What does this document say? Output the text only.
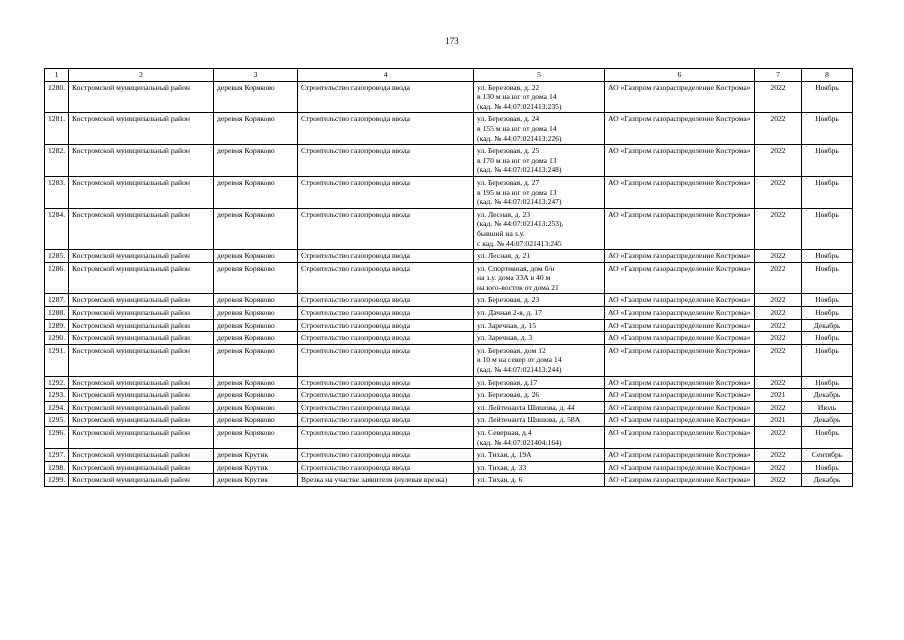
173
1	2	3	4	5	6	7	8
1280.	Костромской муниципальный район	деревня Коряково	Строительство газопровода ввода	ул. Березовая, д. 22
в 130 м на юг от дома 14
(кад. № 44:07:021413:235)	АО «Газпром газораспределение Кострома»	2022	Ноябрь
1281.	Костромской муниципальный район	деревня Коряково	Строительство газопровода ввода	ул. Березовая, д. 24
в 155 м на юг от дома 14
(кад. № 44:07:021413:226)	АО «Газпром газораспределение Кострома»	2022	Ноябрь
1282.	Костромской муниципальный район	деревня Коряково	Строительство газопровода ввода	ул. Березовая, д. 25
в 170 м на юг от дома 13
(кад. № 44:07:021413:248)	АО «Газпром газораспределение Кострома»	2022	Ноябрь
1283.	Костромской муниципальный район	деревня Коряково	Строительство газопровода ввода	ул. Березовая, д. 27
в 195 м на юг от дома 13
(кад. № 44:07:021413:247)	АО «Газпром газораспределение Кострома»	2022	Ноябрь
1284.	Костромской муниципальный район	деревня Коряково	Строительство газопровода ввода	ул. Лесная, д. 23
(кад. № 44:07:021413:253),
бывший на з.у.
с кад. № 44:07:021413:245	АО «Газпром газораспределение Кострома»	2022	Ноябрь
1285.	Костромской муниципальный район	деревня Коряково	Строительство газопровода ввода	ул. Лесная, д. 21	АО «Газпром газораспределение Кострома»	2022	Ноябрь
1286.	Костромской муниципальный район	деревня Коряково	Строительство газопровода ввода	ул. Спортивная, дом б/н
на з.у. дома 33А в 40 м
на юго-восток от дома 21	АО «Газпром газораспределение Кострома»	2022	Ноябрь
1287.	Костромской муниципальный район	деревня Коряково	Строительство газопровода ввода	ул. Березовая, д. 23	АО «Газпром газораспределение Кострома»	2022	Ноябрь
1288.	Костромской муниципальный район	деревня Коряково	Строительство газопровода ввода	ул. Дачная 2-я, д. 17	АО «Газпром газораспределение Кострома»	2022	Ноябрь
1289.	Костромской муниципальный район	деревня Коряково	Строительство газопровода ввода	ул. Заречная, д. 15	АО «Газпром газораспределение Кострома»	2022	Декабрь
1290.	Костромской муниципальный район	деревня Коряково	Строительство газопровода ввода	ул. Заречная, д. 3	АО «Газпром газораспределение Кострома»	2022	Ноябрь
1291.	Костромской муниципальный район	деревня Коряково	Строительство газопровода ввода	ул. Березовая, дом 12
в 10 м на север от дома 14
(кад. № 44:07:021413:244)	АО «Газпром газораспределение Кострома»	2022	Ноябрь
1292.	Костромской муниципальный район	деревня Коряково	Строительство газопровода ввода	ул. Березовая, д.17	АО «Газпром газораспределение Кострома»	2022	Ноябрь
1293.	Костромской муниципальный район	деревня Коряково	Строительство газопровода ввода	ул. Березовая, д. 26	АО «Газпром газораспределение Кострома»	2021	Декабрь
1294.	Костромской муниципальный район	деревня Коряково	Строительство газопровода ввода	ул. Лейтенанта Шишова, д. 44	АО «Газпром газораспределение Кострома»	2022	Июль
1295.	Костромской муниципальный район	деревня Коряково	Строительство газопровода ввода	ул. Лейтенанта Шишова, д. 58А	АО «Газпром газораспределение Кострома»	2021	Декабрь
1296.	Костромской муниципальный район	деревня Коряково	Строительство газопровода ввода	ул. Северная, д.4
(кад. № 44:07:021404:164)	АО «Газпром газораспределение Кострома»	2022	Ноябрь
1297.	Костромской муниципальный район	деревня Крутик	Строительство газопровода ввода	ул. Тихая, д. 19А	АО «Газпром газораспределение Кострома»	2022	Сентябрь
1298.	Костромской муниципальный район	деревня Крутик	Строительство газопровода ввода	ул. Тихая, д. 33	АО «Газпром газораспределение Кострома»	2022	Ноябрь
1299.	Костромской муниципальный район	деревня Крутик	Врезка на участке заявителя (нулевая врезка)	ул. Тихая, д. 6	АО «Газпром газораспределение Кострома»	2022	Декабрь
